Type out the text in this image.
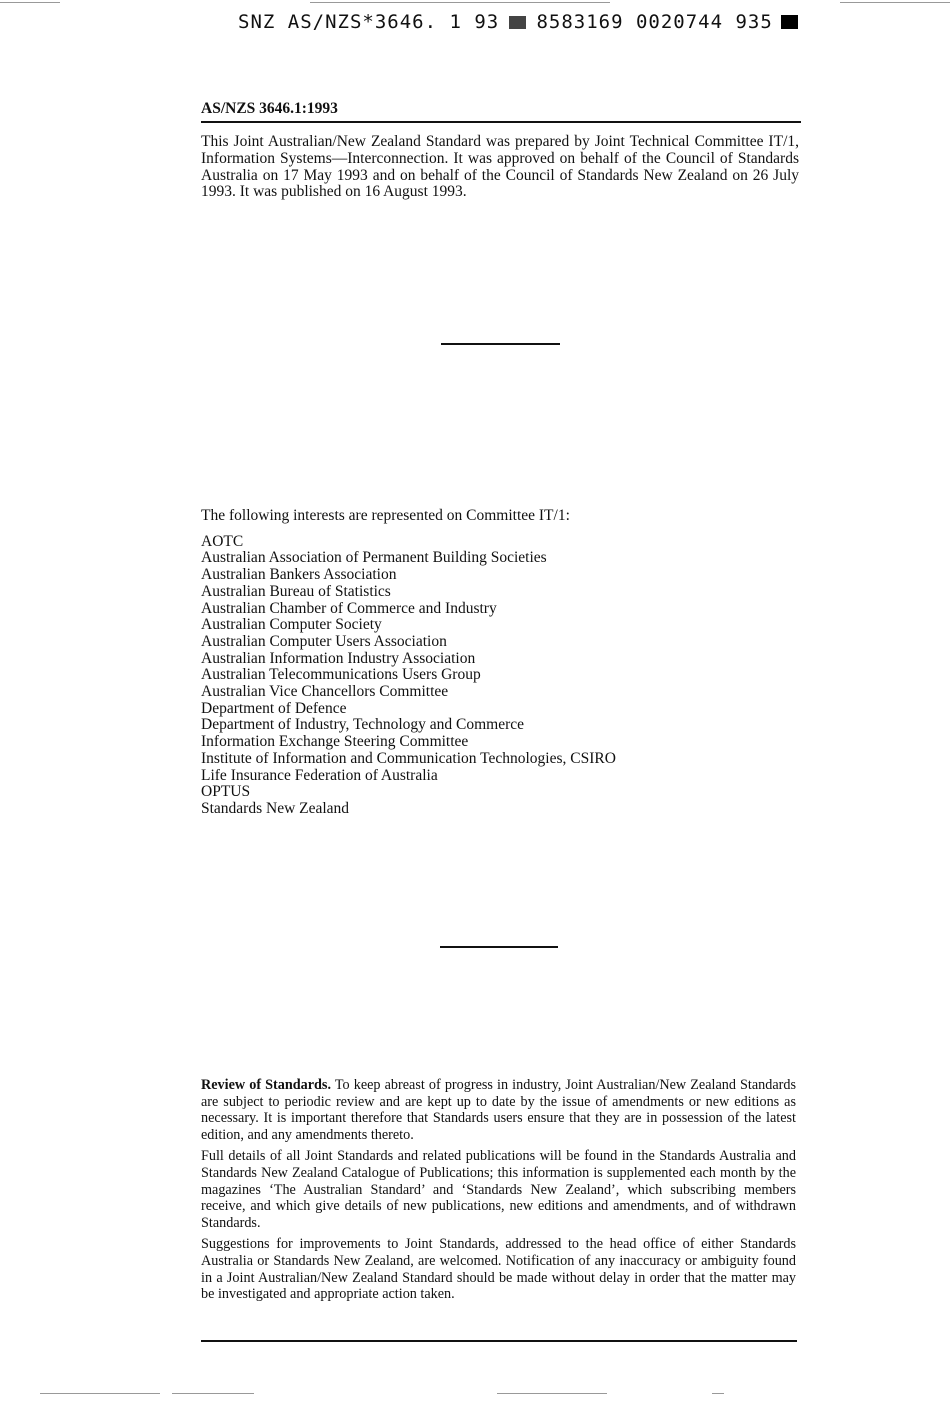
SNZ AS/NZS*3646. 1 93 8583169 0020744 935
AS/NZS 3646.1:1993
This Joint Australian/New Zealand Standard was prepared by Joint Technical Committee IT/1, Information Systems—Interconnection. It was approved on behalf of the Council of Standards Australia on 17 May 1993 and on behalf of the Council of Standards New Zealand on 26 July 1993. It was published on 16 August 1993.
The following interests are represented on Committee IT/1:
AOTC
Australian Association of Permanent Building Societies
Australian Bankers Association
Australian Bureau of Statistics
Australian Chamber of Commerce and Industry
Australian Computer Society
Australian Computer Users Association
Australian Information Industry Association
Australian Telecommunications Users Group
Australian Vice Chancellors Committee
Department of Defence
Department of Industry, Technology and Commerce
Information Exchange Steering Committee
Institute of Information and Communication Technologies, CSIRO
Life Insurance Federation of Australia
OPTUS
Standards New Zealand

Review of Standards. To keep abreast of progress in industry, Joint Australian/New Zealand Standards are subject to periodic review and are kept up to date by the issue of amendments or new editions as necessary. It is important therefore that Standards users ensure that they are in possession of the latest edition, and any amendments thereto.

Full details of all Joint Standards and related publications will be found in the Standards Australia and Standards New Zealand Catalogue of Publications; this information is supplemented each month by the magazines ‘The Australian Standard’ and ‘Standards New Zealand’, which subscribing members receive, and which give details of new publications, new editions and amendments, and of withdrawn Standards.

Suggestions for improvements to Joint Standards, addressed to the head office of either Standards Australia or Standards New Zealand, are welcomed. Notification of any inaccuracy or ambiguity found in a Joint Australian/New Zealand Standard should be made without delay in order that the matter may be investigated and appropriate action taken.
